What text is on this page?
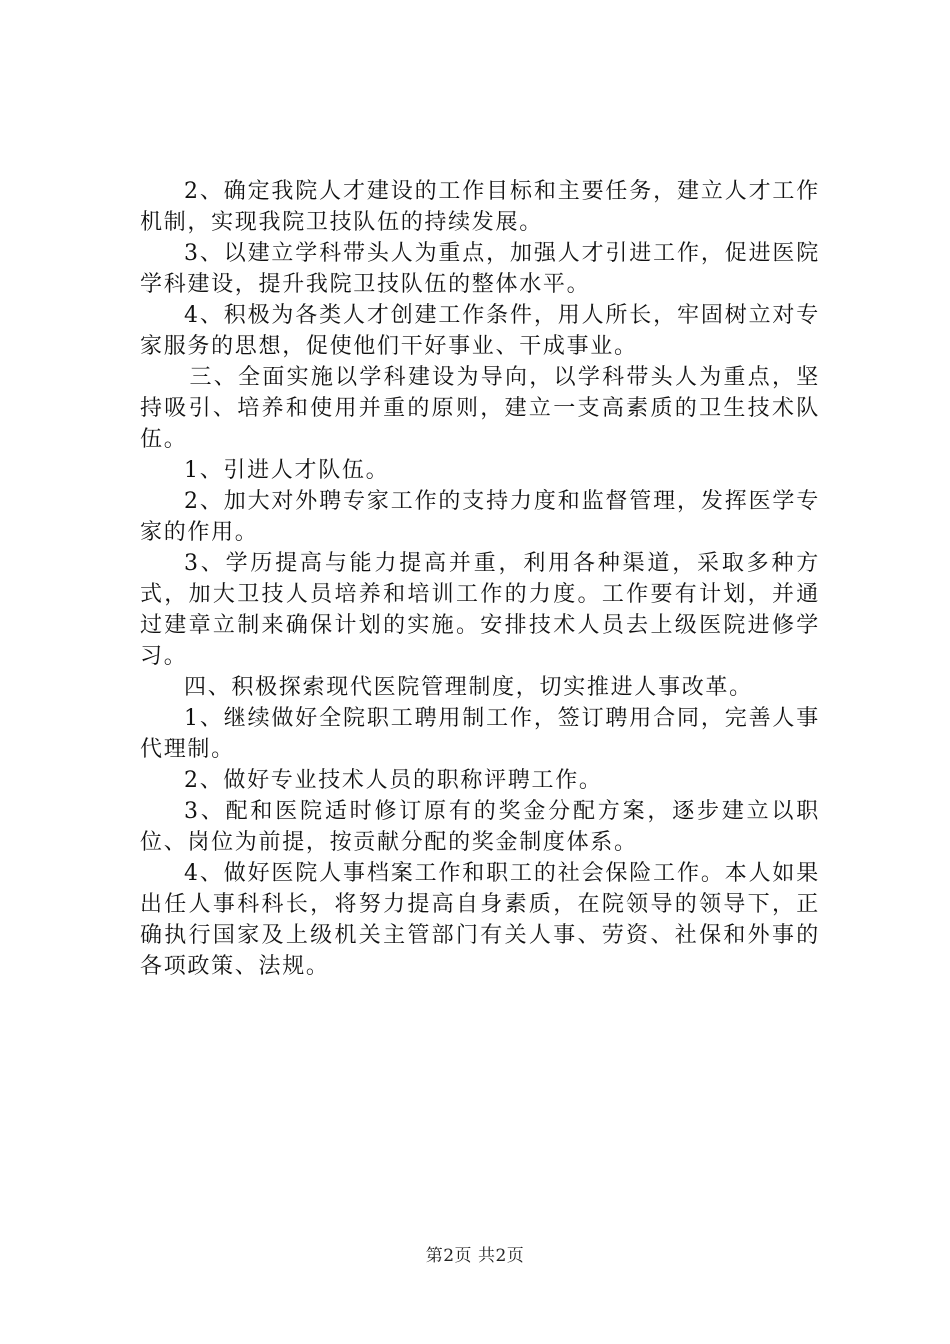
2、确定我院人才建设的工作目标和主要任务，建立人才工作机制，实现我院卫技队伍的持续发展。

3、以建立学科带头人为重点，加强人才引进工作，促进医院学科建设，提升我院卫技队伍的整体水平。

4、积极为各类人才创建工作条件，用人所长，牢固树立对专家服务的思想，促使他们干好事业、干成事业。

三、全面实施以学科建设为导向，以学科带头人为重点，坚持吸引、培养和使用并重的原则，建立一支高素质的卫生技术队伍。

1、引进人才队伍。

2、加大对外聘专家工作的支持力度和监督管理，发挥医学专家的作用。

3、学历提高与能力提高并重，利用各种渠道，采取多种方式，加大卫技人员培养和培训工作的力度。工作要有计划，并通过建章立制来确保计划的实施。安排技术人员去上级医院进修学习。

四、积极探索现代医院管理制度，切实推进人事改革。

1、继续做好全院职工聘用制工作，签订聘用合同，完善人事代理制。

2、做好专业技术人员的职称评聘工作。

3、配和医院适时修订原有的奖金分配方案，逐步建立以职位、岗位为前提，按贡献分配的奖金制度体系。

4、做好医院人事档案工作和职工的社会保险工作。本人如果出任人事科科长，将努力提高自身素质，在院领导的领导下，正确执行国家及上级机关主管部门有关人事、劳资、社保和外事的各项政策、法规。

第2页 共2页
